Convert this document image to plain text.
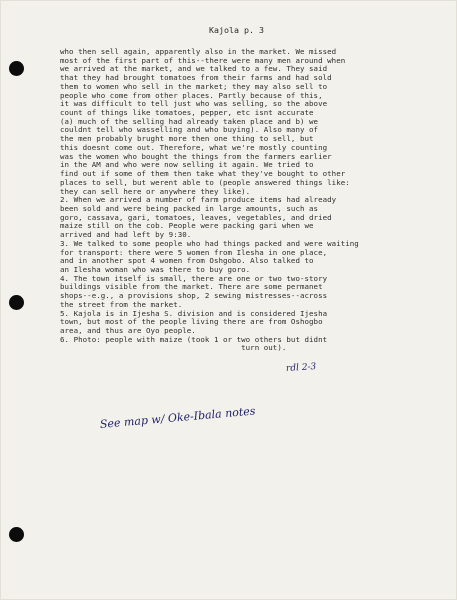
Kajola p. 3
who then sell again, apparently also in the market. We missed
most of the first part of this--there were many men around when
we arrived at the market, and we talked to a few. They said
that they had brought tomatoes from their farms and had sold
them to women who sell in the market; they may also sell to
people who come from other places. Partly because of this,
it was difficult to tell just who was selling, so the above
count of things like tomatoes, pepper, etc isnt accurate
(a) much of the selling had already taken place and b) we
couldnt tell who wasselling and who buying). Also many of
the men probably brught more then one thing to sell, but
this doesnt come out. Therefore, what we're mostly counting
was the women who bought the things from the farmers earlier
in the AM and who were now selling it again. We tried to
find out if some of them then take what they've bought to other
places to sell, but werent able to (people answered things like:
they can sell here or anywhere they like).
2. When we arrived a number of farm produce items had already
been sold and were being packed in large amounts, such as
goro, cassava, gari, tomatoes, leaves, vegetables, and dried
maize still on the cob. People were packing gari when we
arrived and had left by 9:30.
3. We talked to some people who had things packed and were waiting
for transport: there were 5 women from Ilesha in one place,
and in another spot 4 women from Oshgobo. Also talked to
an Ilesha woman who was there to buy goro.
4. The town itself is small, there are one or two two-story
buildings visible from the market. There are some permanet
shops--e.g., a provisions shop, 2 sewing mistresses--across
the street from the market.
5. Kajola is in Ijesha S. division and is considered Ijesha
town, but most of the people living there are from Oshogbo
area, and thus are Oyo people.
6. Photo: people with maize (took 1 or two others but didnt
turn out).
rdl 2-3
See map w/ Oke-Ibala notes
